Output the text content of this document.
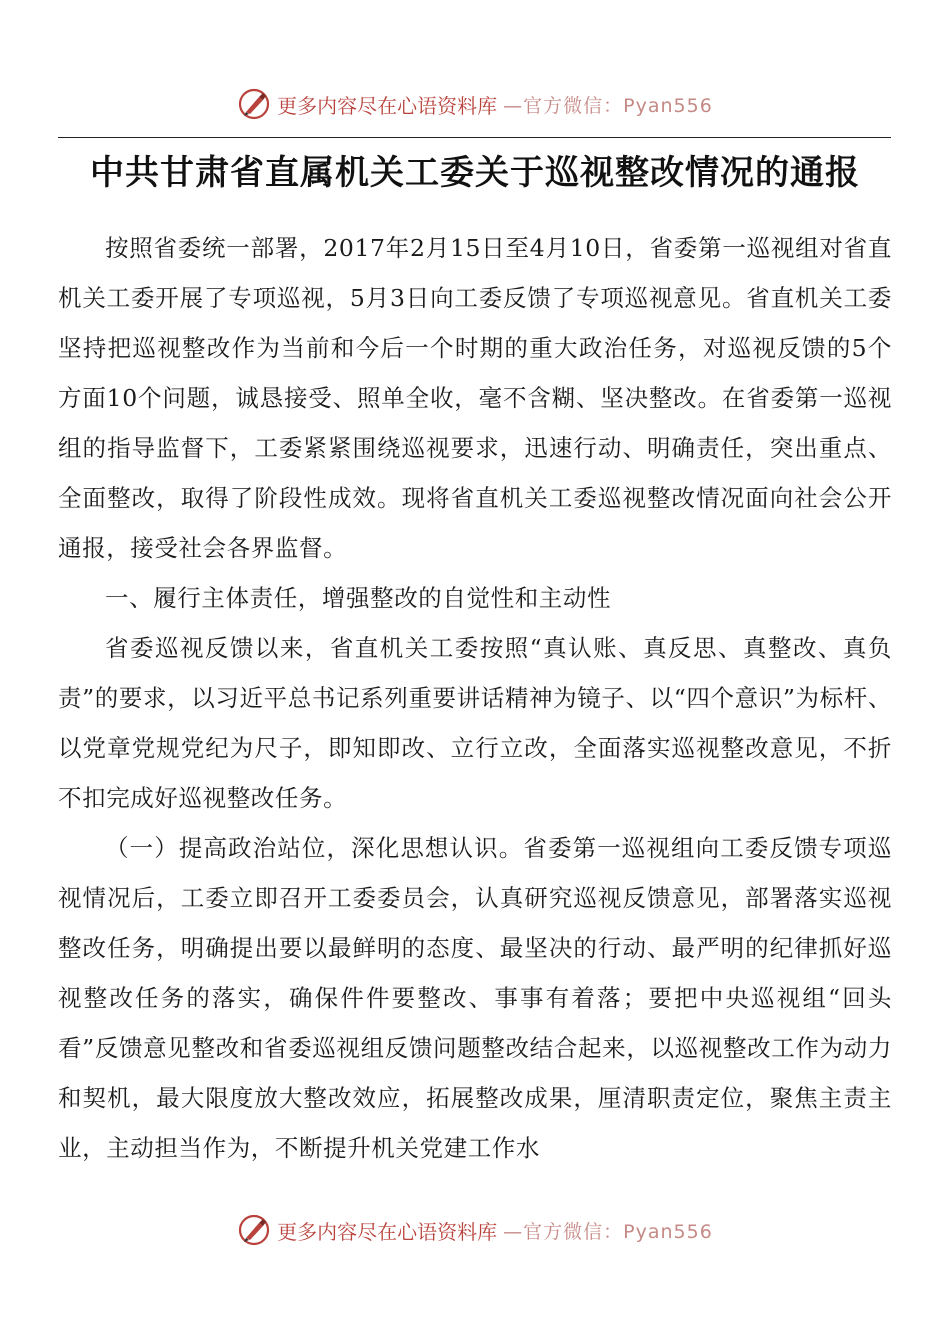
更多内容尽在心语资料库 —官方微信：Pyan556
中共甘肃省直属机关工委关于巡视整改情况的通报

按照省委统一部署，2017年2月15日至4月10日，省委第一巡视组对省直机关工委开展了专项巡视，5月3日向工委反馈了专项巡视意见。省直机关工委坚持把巡视整改作为当前和今后一个时期的重大政治任务，对巡视反馈的5个方面10个问题，诚恳接受、照单全收，毫不含糊、坚决整改。在省委第一巡视组的指导监督下，工委紧紧围绕巡视要求，迅速行动、明确责任，突出重点、全面整改，取得了阶段性成效。现将省直机关工委巡视整改情况面向社会公开通报，接受社会各界监督。

一、履行主体责任，增强整改的自觉性和主动性

省委巡视反馈以来，省直机关工委按照“真认账、真反思、真整改、真负责”的要求，以习近平总书记系列重要讲话精神为镜子、以“四个意识”为标杆、以党章党规党纪为尺子，即知即改、立行立改，全面落实巡视整改意见，不折不扣完成好巡视整改任务。

（一）提高政治站位，深化思想认识。省委第一巡视组向工委反馈专项巡视情况后，工委立即召开工委委员会，认真研究巡视反馈意见，部署落实巡视整改任务，明确提出要以最鲜明的态度、最坚决的行动、最严明的纪律抓好巡视整改任务的落实，确保件件要整改、事事有着落；要把中央巡视组“回头看”反馈意见整改和省委巡视组反馈问题整改结合起来，以巡视整改工作为动力和契机，最大限度放大整改效应，拓展整改成果，厘清职责定位，聚焦主责主业，主动担当作为，不断提升机关党建工作水

更多内容尽在心语资料库 —官方微信：Pyan556
